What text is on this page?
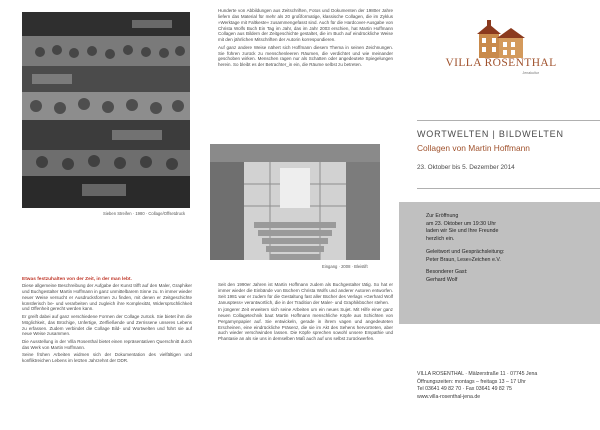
Sieben Streifen · 1980 · Collage/Offsetdruck
Etwas festzuhalten von der Zeit, in der man lebt.

Diese allgemeine Beschreibung der Aufgabe der Kunst trifft auf den Maler, Graphiker und Buchgestalter Martin Hoffmann in ganz unmittelbarem Sinne zu. In immer wieder neuer Weise versucht er Ausdrucksformen zu finden, mit denen er Zeitgeschichte künstlerisch be- und verarbeiten und zugleich ihre Komplexität, Widersprüchlichkeit und Offenheit gerecht werden kann.

Er greift dabei auf ganz verschiedene Formen der Collage zurück. Sie bietet ihm die Möglichkeit, das Brüchige, Unfertige, Zerfließende und Zerrissene unseres Lebens zu erfassen. Zudem verbindet die Collage Bild- und Wortwelten und führt sie auf neue Weise zusammen.

Die Ausstellung in der Villa Rosenthal bietet einen repräsentativen Querschnitt durch das Werk von Martin Hoffmann.

Seine frühen Arbeiten widmen sich der Dokumentation des vielfältigen und konfliktreichen Lebens im letzten Jahrzehnt der DDR.

Hunderte von Abbildungen aus Zeitschriften, Fotos und Dokumenten der 1980er Jahre liefern das Material für mehr als 20 großformatige, klassische Collagen, die im Zyklus »Werktage mit Faltkeste« zusammengefasst sind. Auch für die Hardcover-Ausgabe von Christa Wolfs Buch Ein Tag im Jahr, das im Jahr 2003 erschien, hat Martin Hoffmann Collagen aus Bildern der Zeitgeschichte gestaltet, die im Buch auf eindrückliche Weise mit den jährlichen Mitschriften der Autorin korrespondieren.

Auf ganz andere Weise nähert sich Hoffmann diesem Thema in seinen Zeichnungen. Sie führen zurück zu menschenleeren Räumen, die verdichtet und wie meinander geschoben wirken. Menschen ragen nur als Schatten oder angedeutete Spiegelungen herein. So bleibt es der Betrachter_in ein, die Räume selbst zu betreten.

Eingang · 2008 · Bleistift

Seit den 1990er Jahren ist Martin Hoffmann zudem als Buchgestalter tätig. So hat er immer wieder die Einbände von Büchern Christa Wolfs und anderer Autoren entworfen. Seit 1981 war er zudem für die Gestaltung fast aller Bücher des Verlags »Gerhard Wolf Janusptess« verantwortlich, die in der Tradition der Maler- und Graphikbücher stehen.

In jüngerer Zeit erweitern sich seine Arbeiten um ein neues Sujet. Mit Hilfe einer ganz neuen Collagetechnik baut Martin Hoffmann menschliche Köpfe aus Schichten von Pergamynpapier auf. Sie entwickeln, gerade in ihrem vagen und angedeuteten Erscheinen, eine eindrückliche Präsenz, die sie im Akt des Sehens hervortreten, aber auch wieder verschwinden lassen. Die Köpfe sprechen sowohl unsere Empathie und Phantasie an als sie uns in demselben Maß auch auf uns selbst zurückwerfen.

VILLA ROSENTHAL
Jenakultur
WORTWELTEN | BILDWELTEN
Collagen von Martin Hoffmann
23. Oktober bis 5. Dezember 2014
Zur Eröffnung
am 23. Oktober um 19:30 Uhr
laden wir Sie und Ihre Freunde
herzlich ein.
Geleitwort und Gesprächsleitung:
Peter Braun, Lese»Zeichen e.V.
Besonderer Gast:
Gerhard Wolf
VILLA ROSENTHAL · Mälzerstraße 11 · 07745 Jena
Öffnungszeiten: montags – freitags 13 – 17 Uhr
Tel 03641 49 82 70 · Fax 03641 49 82 75
www.villa-rosenthal-jena.de
